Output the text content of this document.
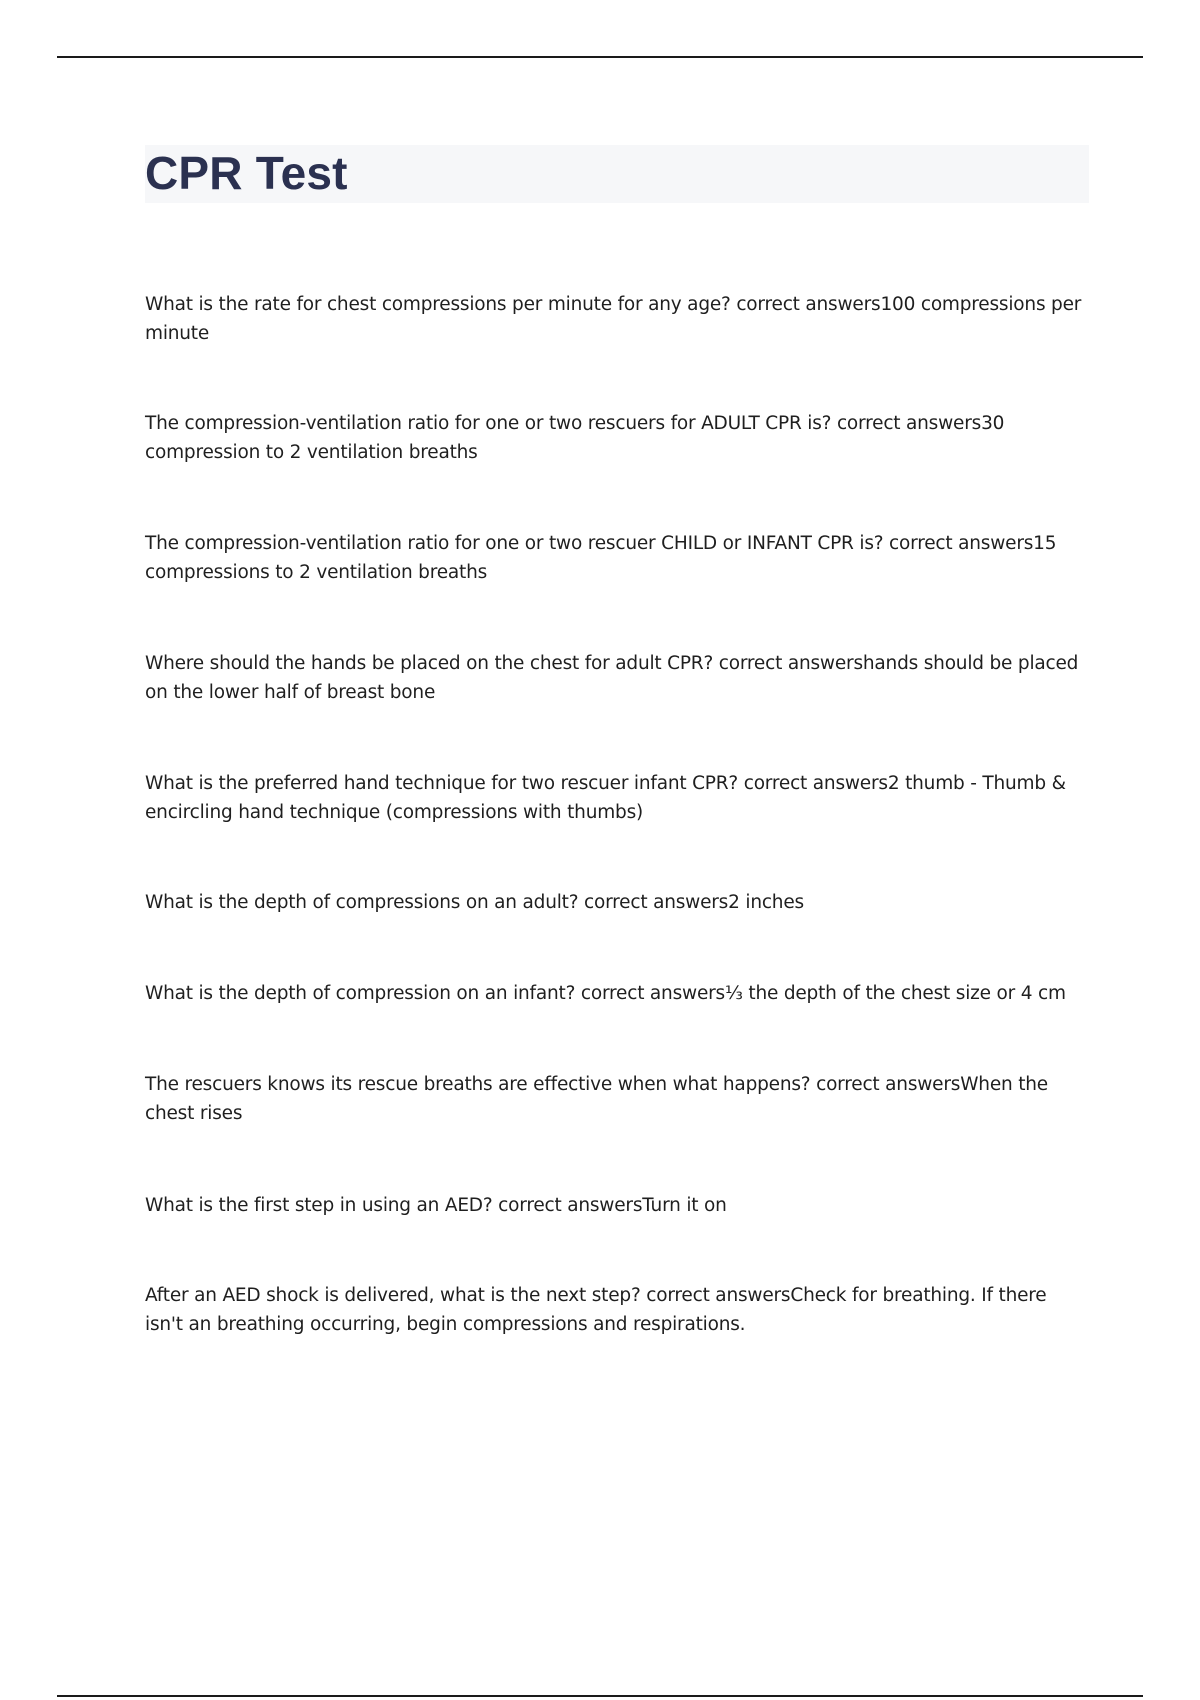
CPR Test
What is the rate for chest compressions per minute for any age? correct answers100 compressions per minute
The compression-ventilation ratio for one or two rescuers for ADULT CPR is? correct answers30 compression to 2 ventilation breaths
The compression-ventilation ratio for one or two rescuer CHILD or INFANT CPR is? correct answers15 compressions to 2 ventilation breaths
Where should the hands be placed on the chest for adult CPR? correct answershands should be placed on the lower half of breast bone
What is the preferred hand technique for two rescuer infant CPR? correct answers2 thumb - Thumb & encircling hand technique (compressions with thumbs)
What is the depth of compressions on an adult? correct answers2 inches
What is the depth of compression on an infant? correct answers⅓ the depth of the chest size or 4 cm
The rescuers knows its rescue breaths are effective when what happens? correct answersWhen the chest rises
What is the first step in using an AED? correct answersTurn it on
After an AED shock is delivered, what is the next step? correct answersCheck for breathing. If there isn't an breathing occurring, begin compressions and respirations.
